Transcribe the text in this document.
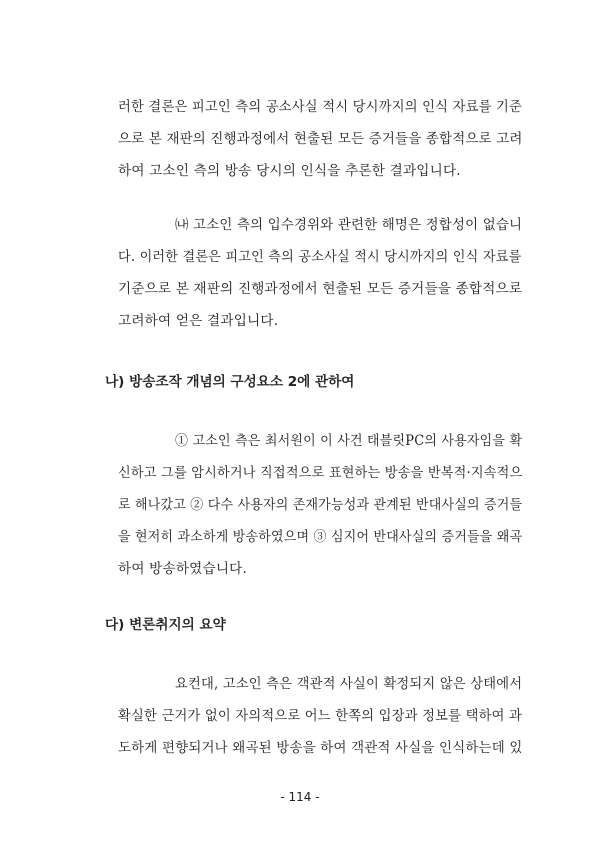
러한 결론은 피고인 측의 공소사실 적시 당시까지의 인식 자료를 기준
으로 본 재판의 진행과정에서 현출된 모든 증거들을 종합적으로 고려
하여 고소인 측의 방송 당시의 인식을 추론한 결과입니다.
㈏ 고소인 측의 입수경위와 관련한 해명은 정합성이 없습니
다. 이러한 결론은 피고인 측의 공소사실 적시 당시까지의 인식 자료를
기준으로 본 재판의 진행과정에서 현출된 모든 증거들을 종합적으로
고려하여 얻은 결과입니다.
나) 방송조작 개념의 구성요소 2에 관하여
① 고소인 측은 최서원이 이 사건 태블릿PC의 사용자임을 확
신하고 그를 암시하거나 직접적으로 표현하는 방송을 반복적·지속적으
로 해나갔고 ② 다수 사용자의 존재가능성과 관계된 반대사실의 증거들
을 현저히 과소하게 방송하였으며 ③ 심지어 반대사실의 증거들을 왜곡
하여 방송하였습니다.
다) 변론취지의 요약
요컨대, 고소인 측은 객관적 사실이 확정되지 않은 상태에서
확실한 근거가 없이 자의적으로 어느 한쪽의 입장과 정보를 택하여 과
도하게 편향되거나 왜곡된 방송을 하여 객관적 사실을 인식하는데 있
- 114 -
